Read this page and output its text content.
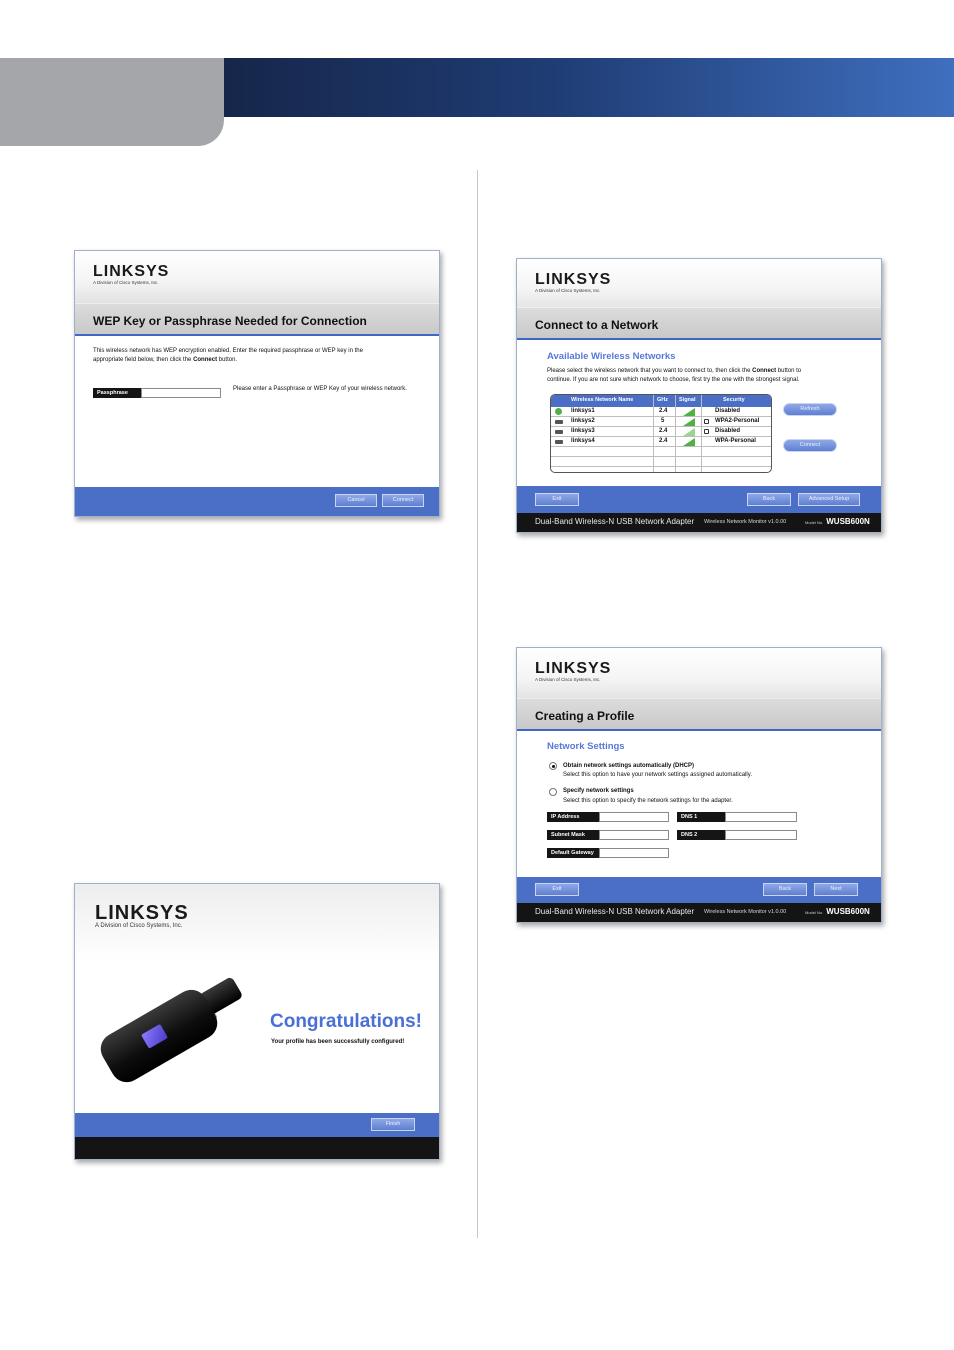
LINKSYS
A Division of Cisco Systems, Inc.
WEP Key or Passphrase Needed for Connection
This wireless network has WEP encryption enabled. Enter the required passphrase or WEP key in the
appropriate field below, then click the Connect button.
Passphrase
Please enter a Passphrase or WEP Key of your wireless network.
Cancel	Connect
LINKSYS
A Division of Cisco Systems, Inc.
Connect to a Network
Available Wireless Networks
Please select the wireless network that you want to connect to, then click the Connect button to
continue. If you are not sure which network to choose, first try the one with the strongest signal.
Wireless Network Name	GHz Signal	Security
linksys1	2.4	Disabled
linksys2	5	WPA2-Personal
linksys3	2.4	Disabled
linksys4	2.4	WPA-Personal
Refresh
Connect
Exit	Back	Advanced Setup
Dual-Band Wireless-N USB Network Adapter Wireless Network Monitor v1.0.00	Model No. WUSB600N
LINKSYS
A Division of Cisco Systems, Inc.
Creating a Profile
Network Settings
Obtain network settings automatically (DHCP)
Select this option to have your network settings assigned automatically.
Specify network settings
Select this option to specify the network settings for the adapter.
IP Address
Subnet Mask
Default Gateway
DNS 1
DNS 2
Exit	Back	Next
Dual-Band Wireless-N USB Network Adapter Wireless Network Monitor v1.0.00	Model No. WUSB600N
LINKSYS
A Division of Cisco Systems, Inc.
Congratulations!
Your profile has been successfully configured!
Finish
